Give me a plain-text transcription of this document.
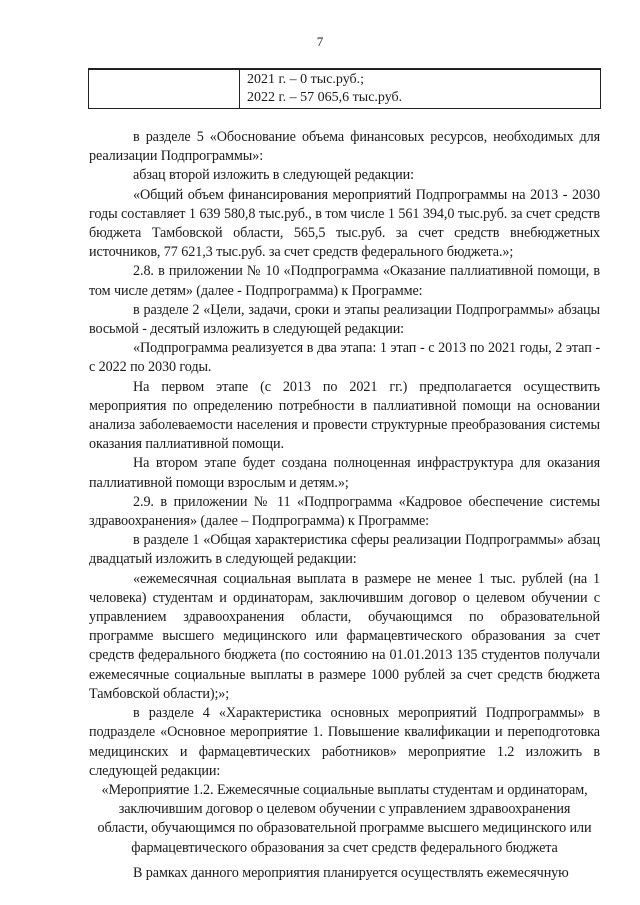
7
2021 г. – 0 тыс.руб.;
2022 г. – 57 065,6 тыс.руб.

в разделе 5 «Обоснование объема финансовых ресурсов, необходимых для реализации Подпрограммы»:

абзац второй изложить в следующей редакции:

«Общий объем финансирования мероприятий Подпрограммы на 2013 - 2030 годы составляет 1 639 580,8 тыс.руб., в том числе 1 561 394,0 тыс.руб. за счет средств бюджета Тамбовской области, 565,5 тыс.руб. за счет средств внебюджетных источников, 77 621,3 тыс.руб. за счет средств федерального бюджета.»;

2.8. в приложении № 10 «Подпрограмма «Оказание паллиативной помощи, в том числе детям» (далее - Подпрограмма) к Программе:

в разделе 2 «Цели, задачи, сроки и этапы реализации Подпрограммы» абзацы восьмой - десятый изложить в следующей редакции:

«Подпрограмма реализуется в два этапа: 1 этап - с 2013 по 2021 годы, 2 этап - с 2022 по 2030 годы.

На первом этапе (с 2013 по 2021 гг.) предполагается осуществить мероприятия по определению потребности в паллиативной помощи на основании анализа заболеваемости населения и провести структурные преобразования системы оказания паллиативной помощи.

На втором этапе будет создана полноценная инфраструктура для оказания паллиативной помощи взрослым и детям.»;

2.9. в приложении № 11 «Подпрограмма «Кадровое обеспечение системы здравоохранения» (далее – Подпрограмма) к Программе:

в разделе 1 «Общая характеристика сферы реализации Подпрограммы» абзац двадцатый изложить в следующей редакции:

«ежемесячная социальная выплата в размере не менее 1 тыс. рублей (на 1 человека) студентам и ординаторам, заключившим договор о целевом обучении с управлением здравоохранения области, обучающимся по образовательной программе высшего медицинского или фармацевтического образования за счет средств федерального бюджета (по состоянию на 01.01.2013 135 студентов получали ежемесячные социальные выплаты в размере 1000 рублей за счет средств бюджета Тамбовской области);»;

в разделе 4 «Характеристика основных мероприятий Подпрограммы» в подразделе «Основное мероприятие 1. Повышение квалификации и переподготовка медицинских и фармацевтических работников» мероприятие 1.2 изложить в следующей редакции:

«Мероприятие 1.2. Ежемесячные социальные выплаты студентам и ординаторам, заключившим договор о целевом обучении с управлением здравоохранения области, обучающимся по образовательной программе высшего медицинского или фармацевтического образования за счет средств федерального бюджета

В рамках данного мероприятия планируется осуществлять ежемесячную
